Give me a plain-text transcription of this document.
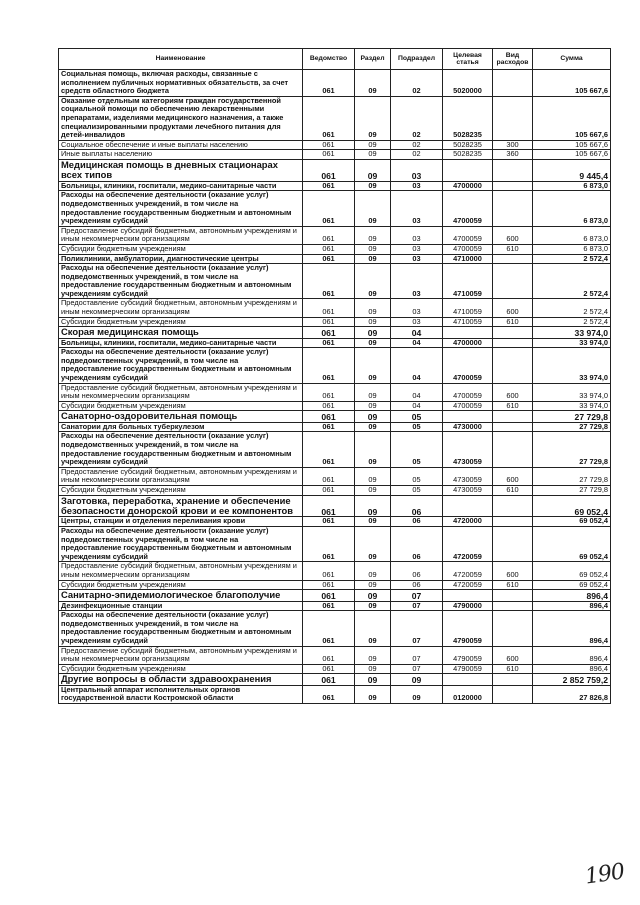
Наименование	Ведомство	Раздел	Подраздел	Целевая статья	Вид расходов	Сумма
Социальная помощь, включая расходы, связанные с исполнением публичных нормативных обязательств, за счет средств областного бюджета	061	09	02	5020000		105 667,6
Оказание отдельным категориям граждан государственной социальной помощи по обеспечению лекарственными препаратами, изделиями медицинского назначения, а также специализированными продуктами лечебного питания для детей-инвалидов	061	09	02	5028235		105 667,6
Социальное обеспечение и иные выплаты населению	061	09	02	5028235	300	105 667,6
Иные выплаты населению	061	09	02	5028235	360	105 667,6
Медицинская помощь в дневных стационарах всех типов	061	09	03			9 445,4
Больницы, клиники, госпитали, медико-санитарные части	061	09	03	4700000		6 873,0
Расходы на обеспечение деятельности (оказание услуг) подведомственных учреждений, в том числе на предоставление государственным бюджетным и автономным учреждениям субсидий	061	09	03	4700059		6 873,0
Предоставление субсидий бюджетным, автономным учреждениям и иным некоммерческим организациям	061	09	03	4700059	600	6 873,0
Субсидии бюджетным учреждениям	061	09	03	4700059	610	6 873,0
Поликлиники, амбулатории, диагностические центры	061	09	03	4710000		2 572,4
Расходы на обеспечение деятельности (оказание услуг) подведомственных учреждений, в том числе на предоставление государственным бюджетным и автономным учреждениям субсидий	061	09	03	4710059		2 572,4
Предоставление субсидий бюджетным, автономным учреждениям и иным некоммерческим организациям	061	09	03	4710059	600	2 572,4
Субсидии бюджетным учреждениям	061	09	03	4710059	610	2 572,4
Скорая медицинская помощь	061	09	04			33 974,0
Больницы, клиники, госпитали, медико-санитарные части	061	09	04	4700000		33 974,0
Расходы на обеспечение деятельности (оказание услуг) подведомственных учреждений, в том числе на предоставление государственным бюджетным и автономным учреждениям субсидий	061	09	04	4700059		33 974,0
Предоставление субсидий бюджетным, автономным учреждениям и иным некоммерческим организациям	061	09	04	4700059	600	33 974,0
Субсидии бюджетным учреждениям	061	09	04	4700059	610	33 974,0
Санаторно-оздоровительная помощь	061	09	05			27 729,8
Санатории для больных туберкулезом	061	09	05	4730000		27 729,8
Расходы на обеспечение деятельности (оказание услуг) подведомственных учреждений, в том числе на предоставление государственным бюджетным и автономным учреждениям субсидий	061	09	05	4730059		27 729,8
Предоставление субсидий бюджетным, автономным учреждениям и иным некоммерческим организациям	061	09	05	4730059	600	27 729,8
Субсидии бюджетным учреждениям	061	09	05	4730059	610	27 729,8
Заготовка, переработка, хранение и обеспечение безопасности донорской крови и ее компонентов	061	09	06			69 052,4
Центры, станции и отделения переливания крови	061	09	06	4720000		69 052,4
Расходы на обеспечение деятельности (оказание услуг) подведомственных учреждений, в том числе на предоставление государственным бюджетным и автономным учреждениям субсидий	061	09	06	4720059		69 052,4
Предоставление субсидий бюджетным, автономным учреждениям и иным некоммерческим организациям	061	09	06	4720059	600	69 052,4
Субсидии бюджетным учреждениям	061	09	06	4720059	610	69 052,4
Санитарно-эпидемиологическое благополучие	061	09	07			896,4
Дезинфекционные станции	061	09	07	4790000		896,4
Расходы на обеспечение деятельности (оказание услуг) подведомственных учреждений, в том числе на предоставление государственным бюджетным и автономным учреждениям субсидий	061	09	07	4790059		896,4
Предоставление субсидий бюджетным, автономным учреждениям и иным некоммерческим организациям	061	09	07	4790059	600	896,4
Субсидии бюджетным учреждениям	061	09	07	4790059	610	896,4
Другие вопросы в области здравоохранения	061	09	09			2 852 759,2
Центральный аппарат исполнительных органов государственной власти Костромской области	061	09	09	0120000		27 826,8
190
